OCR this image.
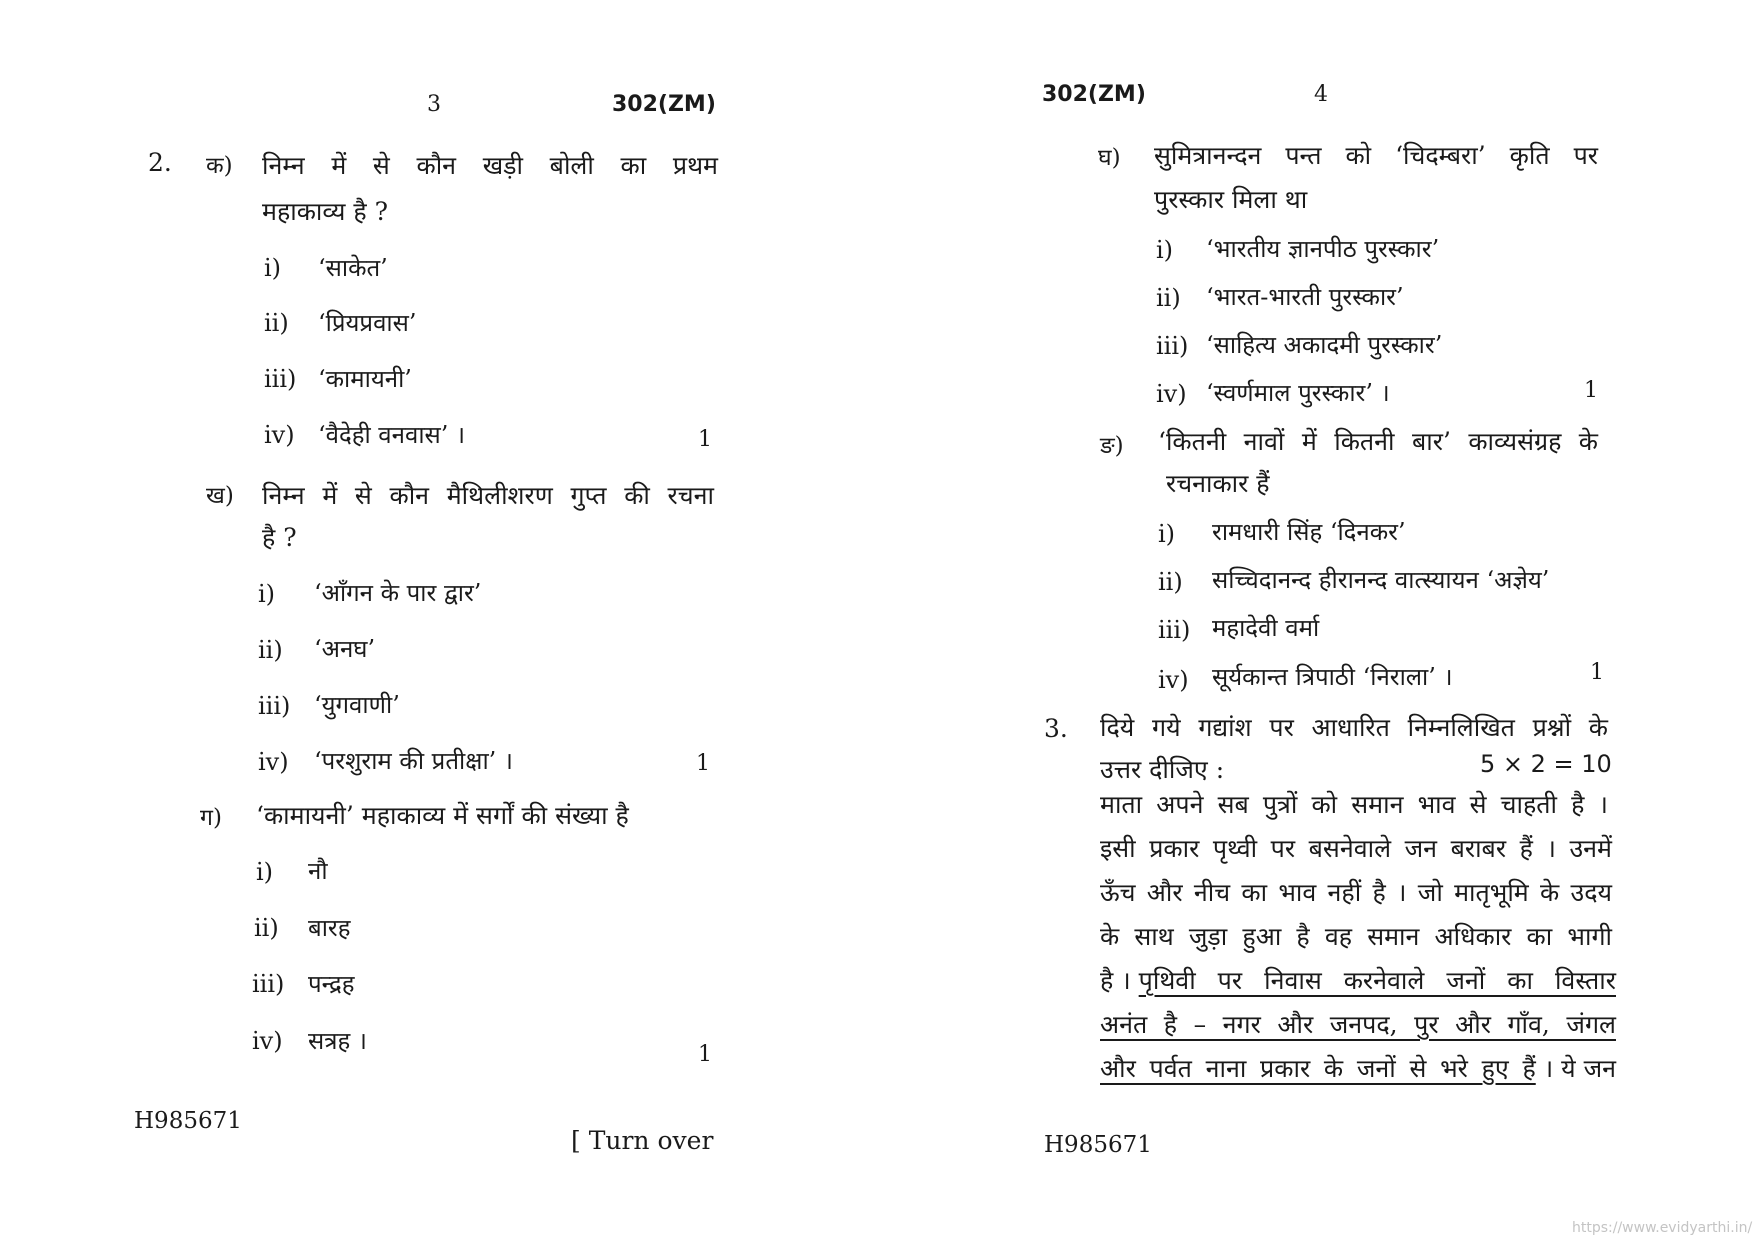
3	302(ZM)
2. क) निम्न में से कौन खड़ी बोली का प्रथम
महाकाव्य है ?
i) ‘साकेत’
ii) ‘प्रियप्रवास’
iii) ‘कामायनी’
iv) ‘वैदेही वनवास’ ।	1
ख) निम्न में से कौन मैथिलीशरण गुप्त की रचना
है ?
i) ‘आँगन के पार द्वार’
ii) ‘अनघ’
iii) ‘युगवाणी’
iv) ‘परशुराम की प्रतीक्षा’ ।	1
ग) ‘कामायनी’ महाकाव्य में सर्गों की संख्या है
i) नौ
ii) बारह
iii) पन्द्रह
iv) सत्रह ।	1
H985671
[ Turn over
302(ZM)	4
घ) सुमित्रानन्दन पन्त को ‘चिदम्बरा’ कृति पर
पुरस्कार मिला था
i) ‘भारतीय ज्ञानपीठ पुरस्कार’
ii) ‘भारत-भारती पुरस्कार’
iii) ‘साहित्य अकादमी पुरस्कार’
iv) ‘स्वर्णमाल पुरस्कार’ ।	1
ङ) ‘कितनी नावों में कितनी बार’ काव्यसंग्रह के
रचनाकार हैं
i) रामधारी सिंह ‘दिनकर’
ii) सच्चिदानन्द हीरानन्द वात्स्यायन ‘अज्ञेय’
iii) महादेवी वर्मा
iv) सूर्यकान्त त्रिपाठी ‘निराला’ ।	1
3. दिये गये गद्यांश पर आधारित निम्नलिखित प्रश्नों के
उत्तर दीजिए :	5 × 2 = 10
माता अपने सब पुत्रों को समान भाव से चाहती है ।
इसी प्रकार पृथ्वी पर बसनेवाले जन बराबर हैं । उनमें
ऊँच और नीच का भाव नहीं है । जो मातृभूमि के उदय
के साथ जुड़ा हुआ है वह समान अधिकार का भागी
है । पृथिवी पर निवास करनेवाले जनों का विस्तार
अनंत है – नगर और जनपद, पुर और गाँव, जंगल
और पर्वत नाना प्रकार के जनों से भरे हुए हैं । ये जन
H985671
https://www.evidyarthi.in/
